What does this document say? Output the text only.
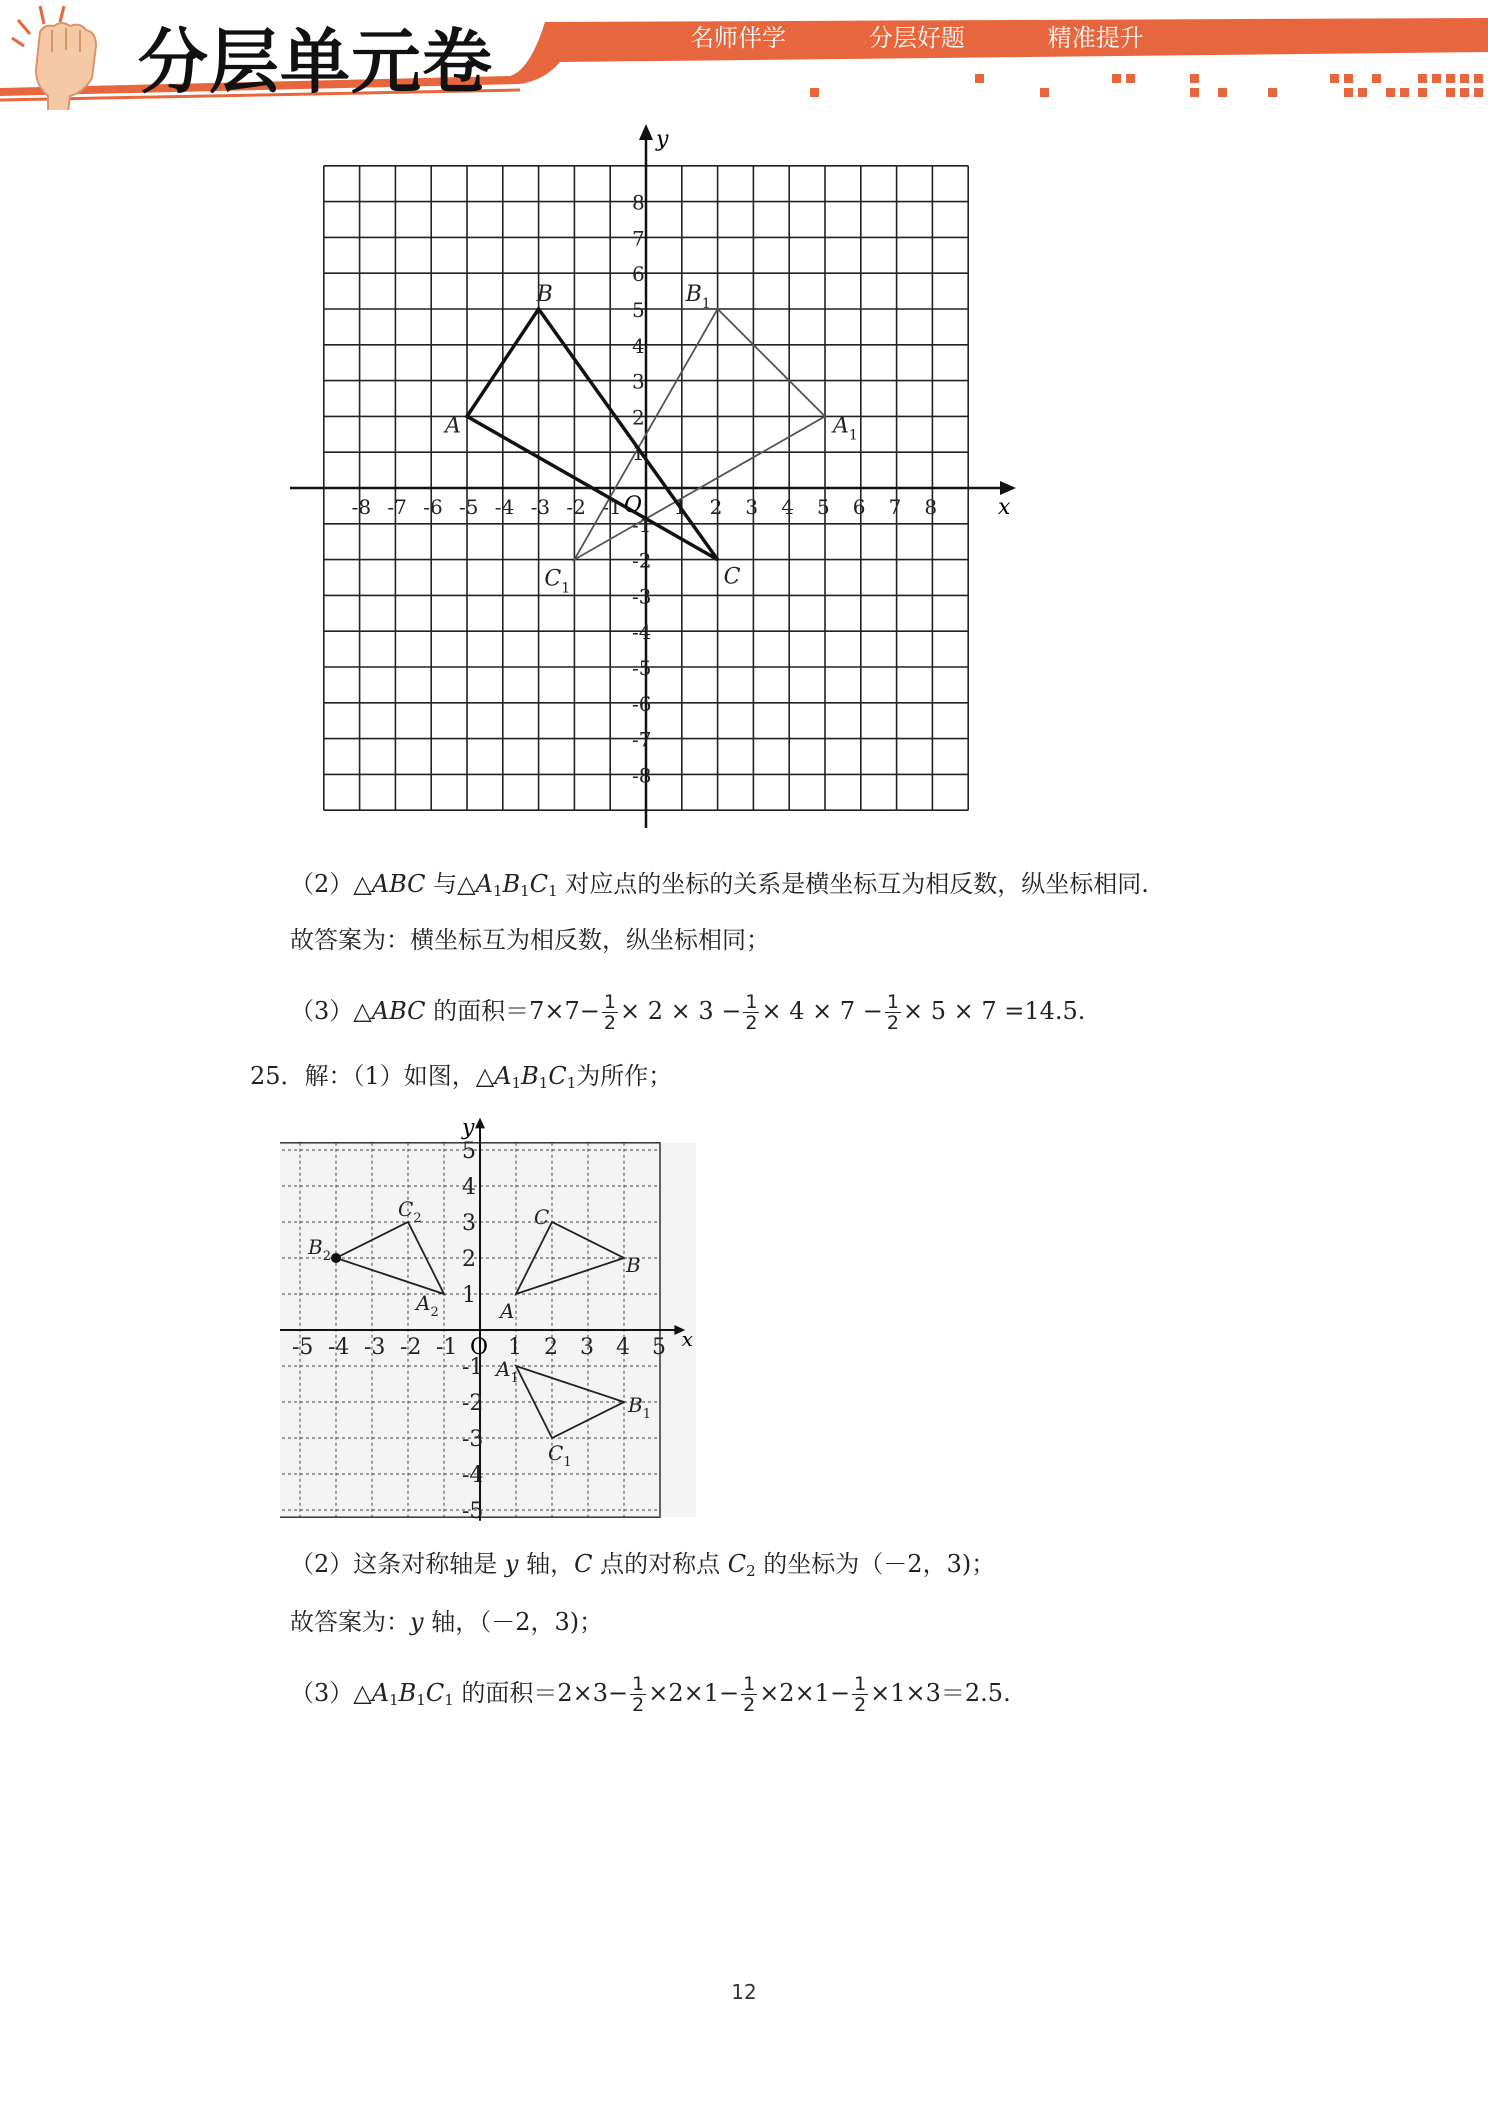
分层单元卷	名师伴学   分层好题   精准提升
x
y
O
-8
-8
-7
-7
-6
-6
-5
-5
-4
-4
-3
-3
-2
-2
-1
-1
1
1
2
2
3
3
4
4
5
5
6
6
7
7
8
8
A
B
C
$A_1$
$B_1$
$C_1$
（2）△ABC 与$\triangle A_1B_1C_1$ 对应点的坐标的关系是横坐标互为相反数，纵坐标相同.
故答案为：横坐标互为相反数，纵坐标相同；
（3）△ABC 的面积$=7\times 7- \frac{1}{2} \times 2 \times 3 - \frac{1}{2} \times 4 \times 7 - \frac{1}{2} \times 5 \times 7 =14.5$.
25．解：（1）如图，$\triangle A_1B_1C_1$为所作；
x
y
O
-5
-5
-4
-4
-3
-3
-2
-2
-1
-1
1
1
2
2
3
3
4
4
5
5
A
B
C
$A_1$
$B_1$
$C_1$
$A_2$
$B_2$
$C_2$
（2）这条对称轴是 y 轴，C 点的对称点 $C_2$ 的坐标为（－2，3)；
故答案为：y 轴，（－2，3)；
$(3)\triangle A_1B_1C_1$ 的面积$=2\times 3- \frac{1}{2} \times 2\times 1- \frac{1}{2} \times 2\times 1- \frac{1}{2} \times 1\times 3=2.5$.
12
